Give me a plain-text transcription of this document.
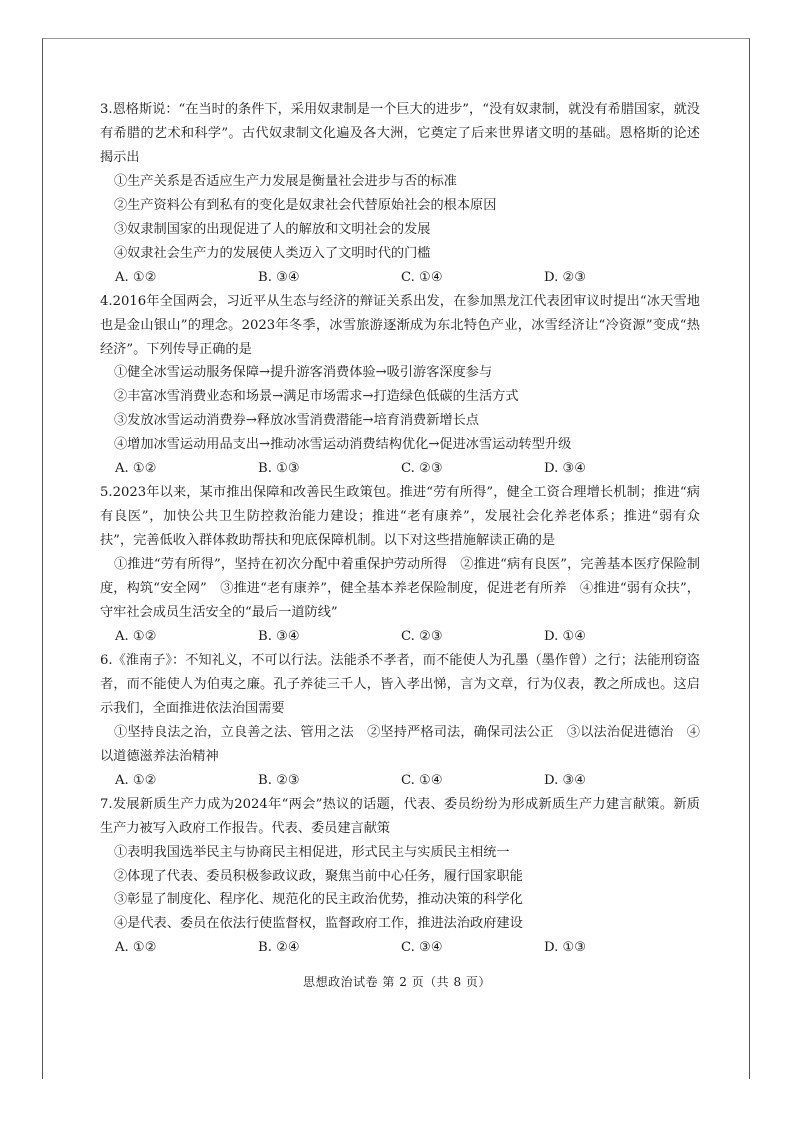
3.恩格斯说：“在当时的条件下，采用奴隶制是一个巨大的进步”，“没有奴隶制，就没有希腊国家，就没有希腊的艺术和科学”。古代奴隶制文化遍及各大洲，它奠定了后来世界诸文明的基础。恩格斯的论述揭示出

①生产关系是否适应生产力发展是衡量社会进步与否的标准

②生产资料公有到私有的变化是奴隶社会代替原始社会的根本原因

③奴隶制国家的出现促进了人的解放和文明社会的发展

④奴隶社会生产力的发展使人类迈入了文明时代的门槛

A. ①②	B. ③④	C. ①④	D. ②③

4.2016年全国两会，习近平从生态与经济的辩证关系出发，在参加黑龙江代表团审议时提出“冰天雪地也是金山银山”的理念。2023年冬季，冰雪旅游逐渐成为东北特色产业，冰雪经济让“冷资源”变成“热经济”。下列传导正确的是

①健全冰雪运动服务保障→提升游客消费体验→吸引游客深度参与

②丰富冰雪消费业态和场景→满足市场需求→打造绿色低碳的生活方式

③发放冰雪运动消费券→释放冰雪消费潜能→培育消费新增长点

④增加冰雪运动用品支出→推动冰雪运动消费结构优化→促进冰雪运动转型升级

A. ①②	B. ①③	C. ②③	D. ③④

5.2023年以来，某市推出保障和改善民生政策包。推进“劳有所得”，健全工资合理增长机制；推进“病有良医”，加快公共卫生防控救治能力建设；推进“老有康养”，发展社会化养老体系；推进“弱有众扶”，完善低收入群体救助帮扶和兜底保障机制。以下对这些措施解读正确的是

①推进“劳有所得”，坚持在初次分配中着重保护劳动所得　②推进“病有良医”，完善基本医疗保险制度，构筑“安全网”　③推进“老有康养”，健全基本养老保险制度，促进老有所养　④推进“弱有众扶”，守牢社会成员生活安全的“最后一道防线”

A. ①②	B. ③④	C. ②③	D. ①④

6.《淮南子》：不知礼义，不可以行法。法能杀不孝者，而不能使人为孔墨（墨作曾）之行；法能刑窃盗者，而不能使人为伯夷之廉。孔子养徒三千人，皆入孝出悌，言为文章，行为仪表，教之所成也。这启示我们，全面推进依法治国需要

①坚持良法之治，立良善之法、管用之法　②坚持严格司法，确保司法公正　③以法治促进德治　④以道德滋养法治精神

A. ①②	B. ②③	C. ①④	D. ③④

7.发展新质生产力成为2024年“两会”热议的话题，代表、委员纷纷为形成新质生产力建言献策。新质生产力被写入政府工作报告。代表、委员建言献策

①表明我国选举民主与协商民主相促进，形式民主与实质民主相统一

②体现了代表、委员积极参政议政，聚焦当前中心任务，履行国家职能

③彰显了制度化、程序化、规范化的民主政治优势，推动决策的科学化

④是代表、委员在依法行使监督权，监督政府工作，推进法治政府建设

A. ①②	B. ②④	C. ③④	D. ①③
思想政治试卷 第 2 页（共 8 页）
